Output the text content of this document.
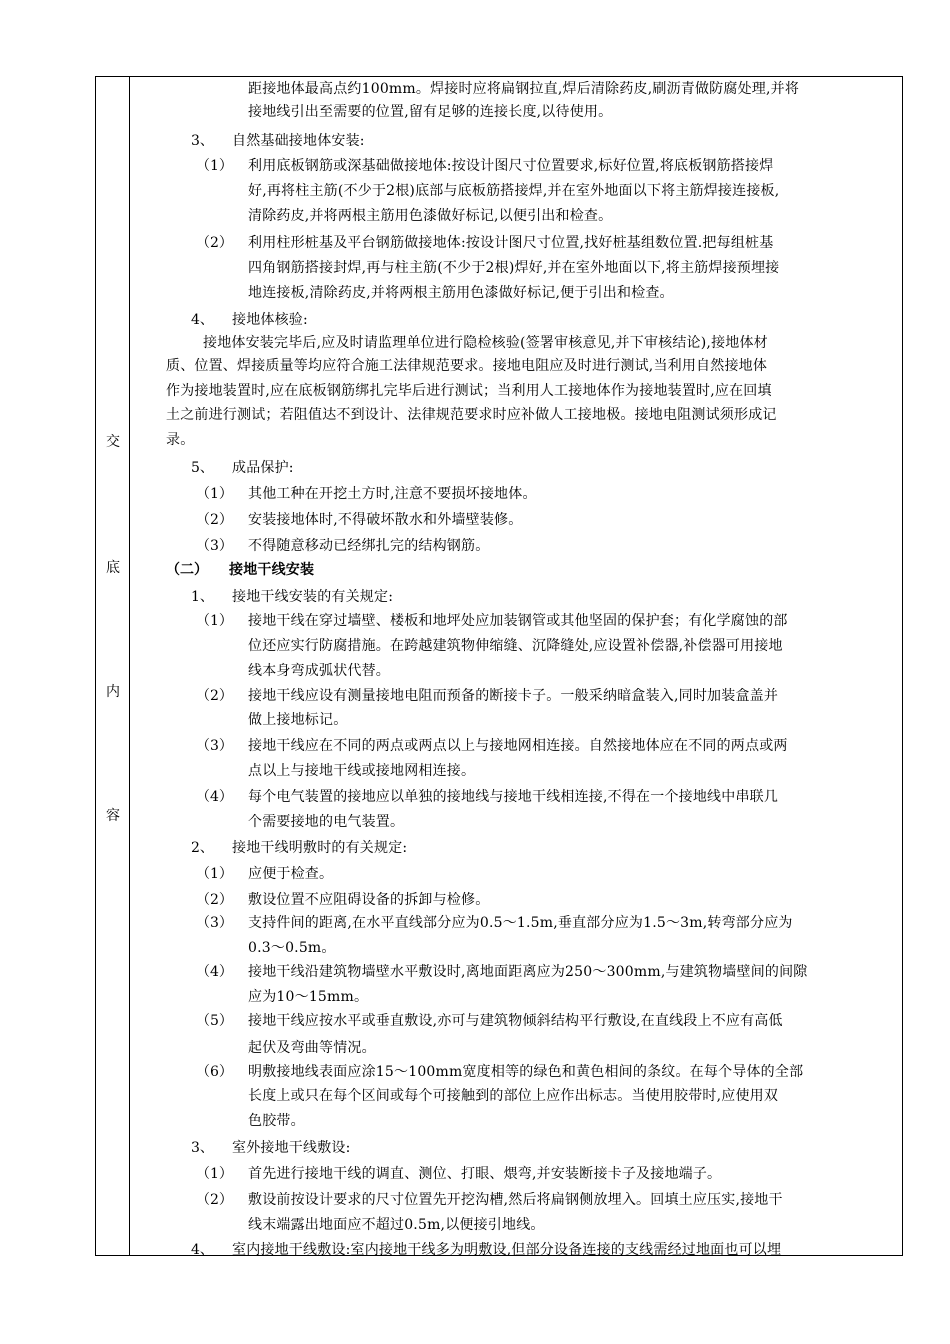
交
底
内
容
距接地体最高点约100mm。焊接时应将扁钢拉直,焊后清除药皮,刷沥青做防腐处理,并将
接地线引出至需要的位置,留有足够的连接长度,以待使用。
3、 自然基础接地体安装:
（1） 利用底板钢筋或深基础做接地体:按设计图尺寸位置要求,标好位置,将底板钢筋搭接焊
好,再将柱主筋(不少于2根)底部与底板筋搭接焊,并在室外地面以下将主筋焊接连接板,
清除药皮,并将两根主筋用色漆做好标记,以便引出和检查。
（2） 利用柱形桩基及平台钢筋做接地体:按设计图尺寸位置,找好桩基组数位置.把每组桩基
四角钢筋搭接封焊,再与柱主筋(不少于2根)焊好,并在室外地面以下,将主筋焊接预埋接
地连接板,清除药皮,并将两根主筋用色漆做好标记,便于引出和检查。
4、 接地体核验:
接地体安装完毕后,应及时请监理单位进行隐检核验(签署审核意见,并下审核结论),接地体材
质、位置、焊接质量等均应符合施工法律规范要求。接地电阻应及时进行测试,当利用自然接地体
作为接地装置时,应在底板钢筋绑扎完毕后进行测试；当利用人工接地体作为接地装置时,应在回填
土之前进行测试；若阻值达不到设计、法律规范要求时应补做人工接地极。接地电阻测试须形成记
录。
5、 成品保护:
（1） 其他工种在开挖土方时,注意不要损坏接地体。
（2） 安装接地体时,不得破坏散水和外墙壁装修。
（3） 不得随意移动已经绑扎完的结构钢筋。
（二） 接地干线安装
1、 接地干线安装的有关规定:
（1） 接地干线在穿过墙壁、楼板和地坪处应加装钢管或其他坚固的保护套；有化学腐蚀的部
位还应实行防腐措施。在跨越建筑物伸缩缝、沉降缝处,应设置补偿器,补偿器可用接地
线本身弯成弧状代替。
（2） 接地干线应设有测量接地电阻而预备的断接卡子。一般采纳暗盒装入,同时加装盒盖并
做上接地标记。
（3） 接地干线应在不同的两点或两点以上与接地网相连接。自然接地体应在不同的两点或两
点以上与接地干线或接地网相连接。
（4） 每个电气装置的接地应以单独的接地线与接地干线相连接,不得在一个接地线中串联几
个需要接地的电气装置。
2、 接地干线明敷时的有关规定:
（1） 应便于检查。
（2） 敷设位置不应阻碍设备的拆卸与检修。
（3） 支持件间的距离,在水平直线部分应为0.5～1.5m,垂直部分应为1.5～3m,转弯部分应为
0.3～0.5m。
（4） 接地干线沿建筑物墙壁水平敷设时,离地面距离应为250～300mm,与建筑物墙壁间的间隙
应为10～15mm。
（5） 接地干线应按水平或垂直敷设,亦可与建筑物倾斜结构平行敷设,在直线段上不应有高低
起伏及弯曲等情况。
（6） 明敷接地线表面应涂15～100mm宽度相等的绿色和黄色相间的条纹。在每个导体的全部
长度上或只在每个区间或每个可接触到的部位上应作出标志。当使用胶带时,应使用双
色胶带。
3、 室外接地干线敷设:
（1） 首先进行接地干线的调直、测位、打眼、煨弯,并安装断接卡子及接地端子。
（2） 敷设前按设计要求的尺寸位置先开挖沟槽,然后将扁钢侧放埋入。回填土应压实,接地干
线末端露出地面应不超过0.5m,以便接引地线。
4、 室内接地干线敷设:室内接地干线多为明敷设,但部分设备连接的支线需经过地面也可以埋
